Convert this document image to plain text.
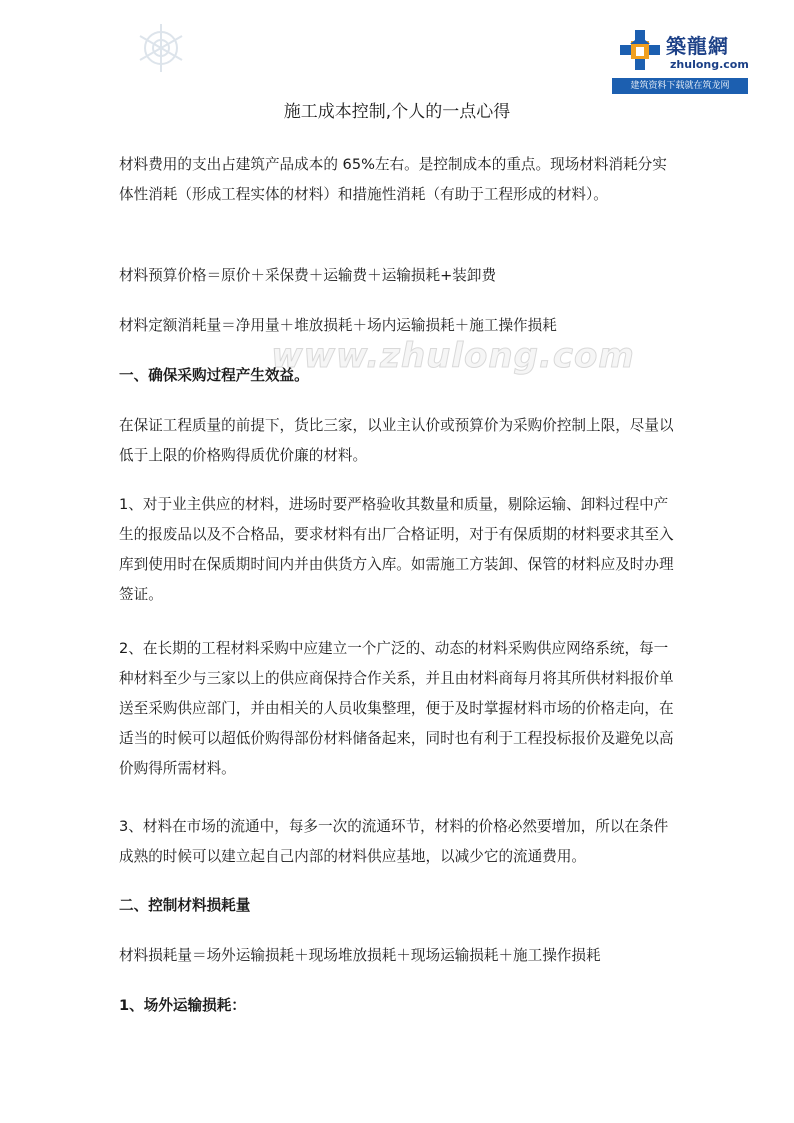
築龍網
zhulong.com
建筑资料下载就在筑龙网
www.zhulong.com
施工成本控制,个人的一点心得

材料费用的支出占建筑产品成本的 65%左右。是控制成本的重点。现场材料消耗分实体性消耗（形成工程实体的材料）和措施性消耗（有助于工程形成的材料）。

材料预算价格＝原价＋采保费＋运输费＋运输损耗+装卸费

材料定额消耗量＝净用量＋堆放损耗＋场内运输损耗＋施工操作损耗

一、确保采购过程产生效益。

在保证工程质量的前提下，货比三家，以业主认价或预算价为采购价控制上限，尽量以低于上限的价格购得质优价廉的材料。

1、对于业主供应的材料，进场时要严格验收其数量和质量，剔除运输、卸料过程中产生的报废品以及不合格品，要求材料有出厂合格证明，对于有保质期的材料要求其至入库到使用时在保质期时间内并由供货方入库。如需施工方装卸、保管的材料应及时办理签证。

2、在长期的工程材料采购中应建立一个广泛的、动态的材料采购供应网络系统，每一种材料至少与三家以上的供应商保持合作关系，并且由材料商每月将其所供材料报价单送至采购供应部门，并由相关的人员收集整理，便于及时掌握材料市场的价格走向，在适当的时候可以超低价购得部份材料储备起来，同时也有利于工程投标报价及避免以高价购得所需材料。

3、材料在市场的流通中，每多一次的流通环节，材料的价格必然要增加，所以在条件成熟的时候可以建立起自己内部的材料供应基地，以减少它的流通费用。

二、控制材料损耗量

材料损耗量＝场外运输损耗＋现场堆放损耗＋现场运输损耗＋施工操作损耗

1、场外运输损耗：
